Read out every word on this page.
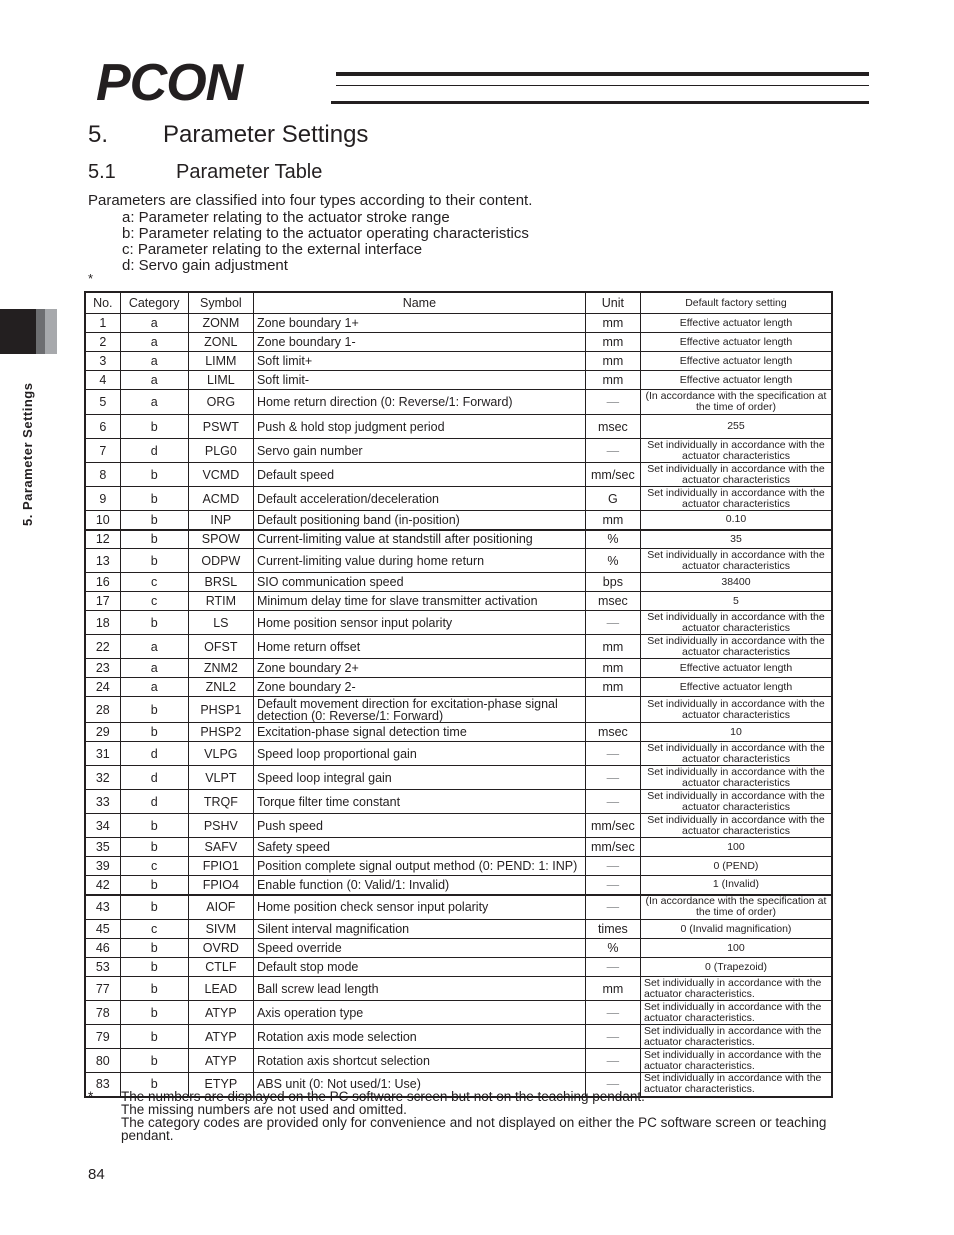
PCON
5. Parameter Settings
5.1	Parameter Table
Parameters are classified into four types according to their content.
a: Parameter relating to the actuator stroke range
b: Parameter relating to the actuator operating characteristics
c: Parameter relating to the external interface
d: Servo gain adjustment
*
5. Parameter Settings
No.	Category	Symbol	Name	Unit	Default factory setting
1	a	ZONM	Zone boundary 1+	mm	Effective actuator length
2	a	ZONL	Zone boundary 1-	mm	Effective actuator length
3	a	LIMM	Soft limit+	mm	Effective actuator length
4	a	LIML	Soft limit-	mm	Effective actuator length
5	a	ORG	Home return direction (0: Reverse/1: Forward)	—	(In accordance with the specification at the time of order)
6	b	PSWT	Push & hold stop judgment period	msec	255
7	d	PLG0	Servo gain number	—	Set individually in accordance with the actuator characteristics
8	b	VCMD	Default speed	mm/sec	Set individually in accordance with the actuator characteristics
9	b	ACMD	Default acceleration/deceleration	G	Set individually in accordance with the actuator characteristics
10	b	INP	Default positioning band (in-position)	mm	0.10
12	b	SPOW	Current-limiting value at standstill after positioning	%	35
13	b	ODPW	Current-limiting value during home return	%	Set individually in accordance with the actuator characteristics
16	c	BRSL	SIO communication speed	bps	38400
17	c	RTIM	Minimum delay time for slave transmitter activation	msec	5
18	b	LS	Home position sensor input polarity	—	Set individually in accordance with the actuator characteristics
22	a	OFST	Home return offset	mm	Set individually in accordance with the actuator characteristics
23	a	ZNM2	Zone boundary 2+	mm	Effective actuator length
24	a	ZNL2	Zone boundary 2-	mm	Effective actuator length
28	b	PHSP1	Default movement direction for excitation-phase signal detection (0: Reverse/1: Forward)		Set individually in accordance with the actuator characteristics
29	b	PHSP2	Excitation-phase signal detection time	msec	10
31	d	VLPG	Speed loop proportional gain	—	Set individually in accordance with the actuator characteristics
32	d	VLPT	Speed loop integral gain	—	Set individually in accordance with the actuator characteristics
33	d	TRQF	Torque filter time constant	—	Set individually in accordance with the actuator characteristics
34	b	PSHV	Push speed	mm/sec	Set individually in accordance with the actuator characteristics
35	b	SAFV	Safety speed	mm/sec	100
39	c	FPIO1	Position complete signal output method (0: PEND: 1: INP)	—	0 (PEND)
42	b	FPIO4	Enable function (0: Valid/1: Invalid)	—	1 (Invalid)
43	b	AIOF	Home position check sensor input polarity	—	(In accordance with the specification at the time of order)
45	c	SIVM	Silent interval magnification	times	0 (Invalid magnification)
46	b	OVRD	Speed override	%	100
53	b	CTLF	Default stop mode	—	0 (Trapezoid)
77	b	LEAD	Ball screw lead length	mm	Set individually in accordance with the actuator characteristics.
78	b	ATYP	Axis operation type	—	Set individually in accordance with the actuator characteristics.
79	b	ATYP	Rotation axis mode selection	—	Set individually in accordance with the actuator characteristics.
80	b	ATYP	Rotation axis shortcut selection	—	Set individually in accordance with the actuator characteristics.
83	b	ETYP	ABS unit (0: Not used/1: Use)	—	Set individually in accordance with the actuator characteristics.
* The numbers are displayed on the PC software screen but not on the teaching pendant.
The missing numbers are not used and omitted.
The category codes are provided only for convenience and not displayed on either the PC software screen or teaching pendant.
84
